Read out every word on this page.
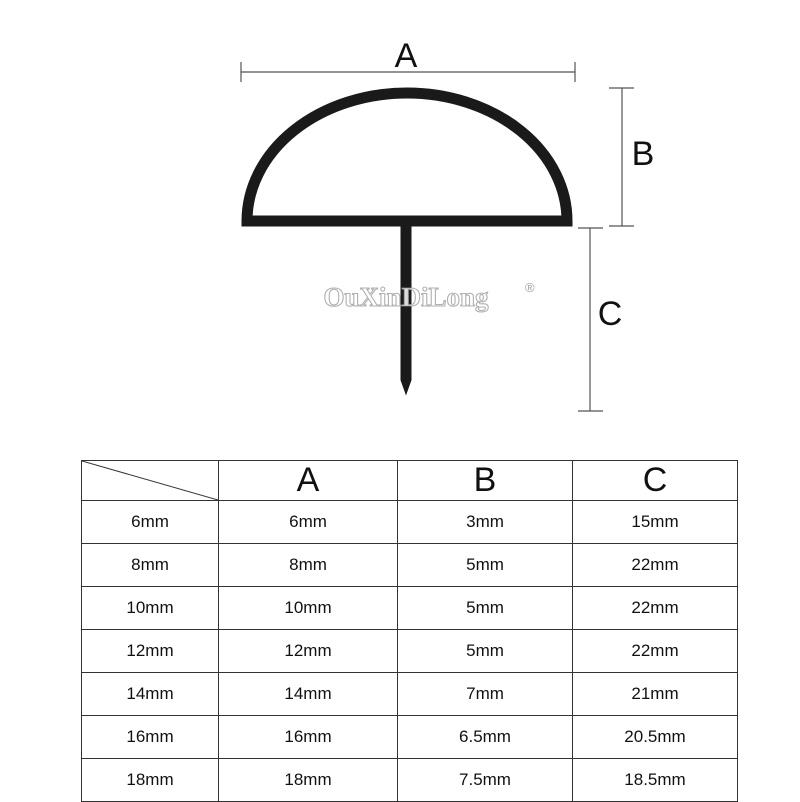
A
B
C
OuXinDiLong	®
	A	B	C
6mm	6mm	3mm	15mm
8mm	8mm	5mm	22mm
10mm	10mm	5mm	22mm
12mm	12mm	5mm	22mm
14mm	14mm	7mm	21mm
16mm	16mm	6.5mm	20.5mm
18mm	18mm	7.5mm	18.5mm
